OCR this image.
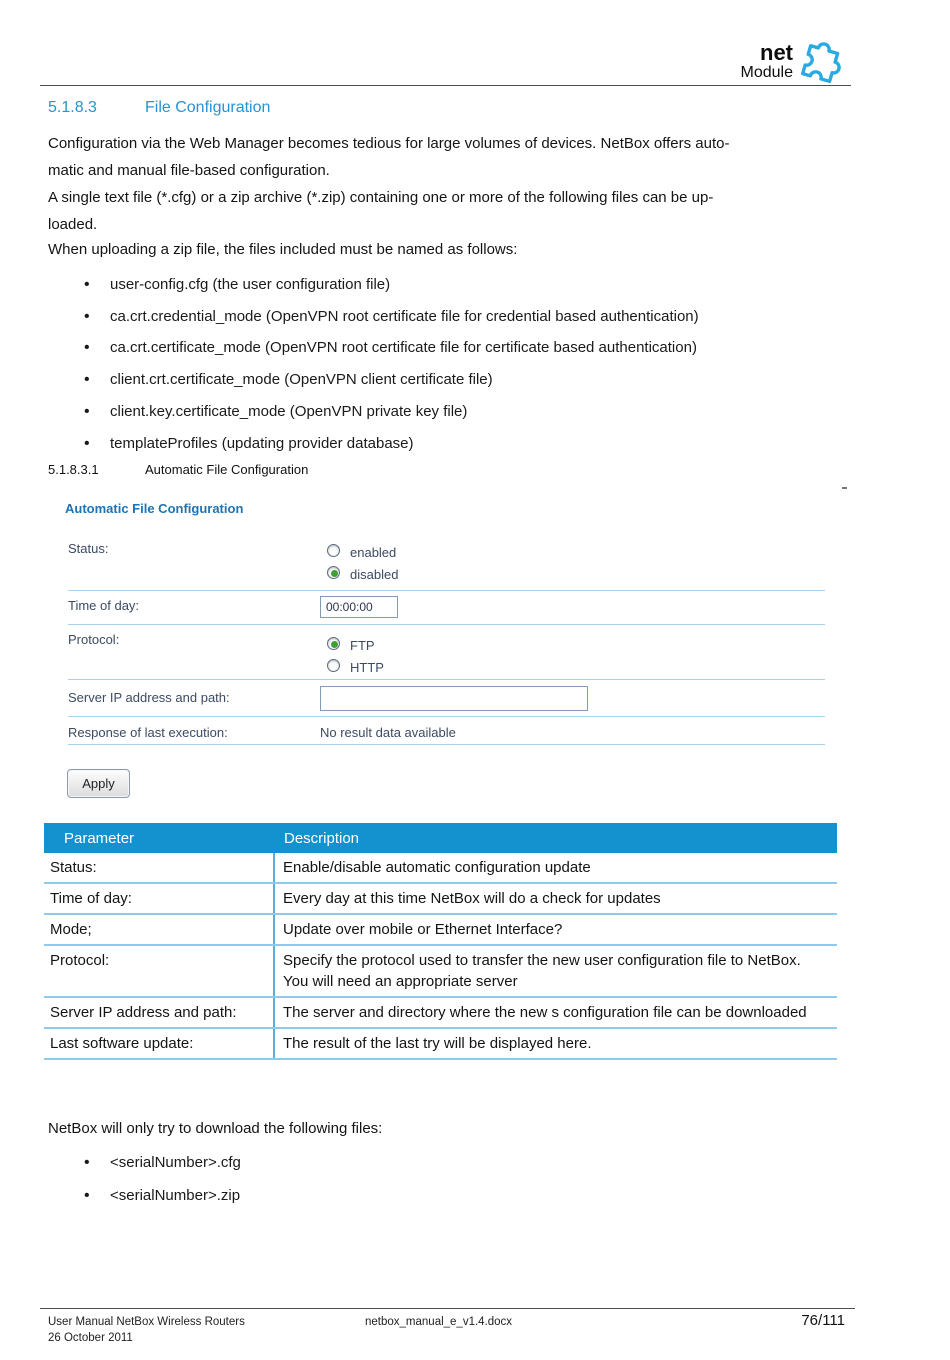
net
Module
5.1.8.3	File Configuration
Configuration via the Web Manager becomes tedious for large volumes of devices. NetBox offers auto-
matic and manual file-based configuration.
A single text file (*.cfg) or a zip archive (*.zip) containing one or more of the following files can be up-
loaded.
When uploading a zip file, the files included must be named as follows:
• user-config.cfg (the user configuration file)
• ca.crt.credential_mode (OpenVPN root certificate file for credential based authentication)
• ca.crt.certificate_mode (OpenVPN root certificate file for certificate based authentication)
• client.crt.certificate_mode (OpenVPN client certificate file)
• client.key.certificate_mode (OpenVPN private key file)
• templateProfiles (updating provider database)
5.1.8.3.1	Automatic File Configuration
Automatic File Configuration
Status:	enabled
disabled
Time of day:
00:00:00
Protocol:	FTP
HTTP
Server IP address and path:
Response of last execution:	No result data available
Apply
Parameter	Description
Status:	Enable/disable automatic configuration update
Time of day:	Every day at this time NetBox will do a check for updates
Mode;	Update over mobile or Ethernet Interface?
Protocol:	Specify the protocol used to transfer the new user configuration file to NetBox. You will need an appropriate server
Server IP address and path:	The server and directory where the new s configuration file can be downloaded
Last software update:	The result of the last try will be displayed here.
NetBox will only try to download the following files:
• <serialNumber>.cfg
• <serialNumber>.zip
User Manual NetBox Wireless Routers
26 October 2011
netbox_manual_e_v1.4.docx	76/111
